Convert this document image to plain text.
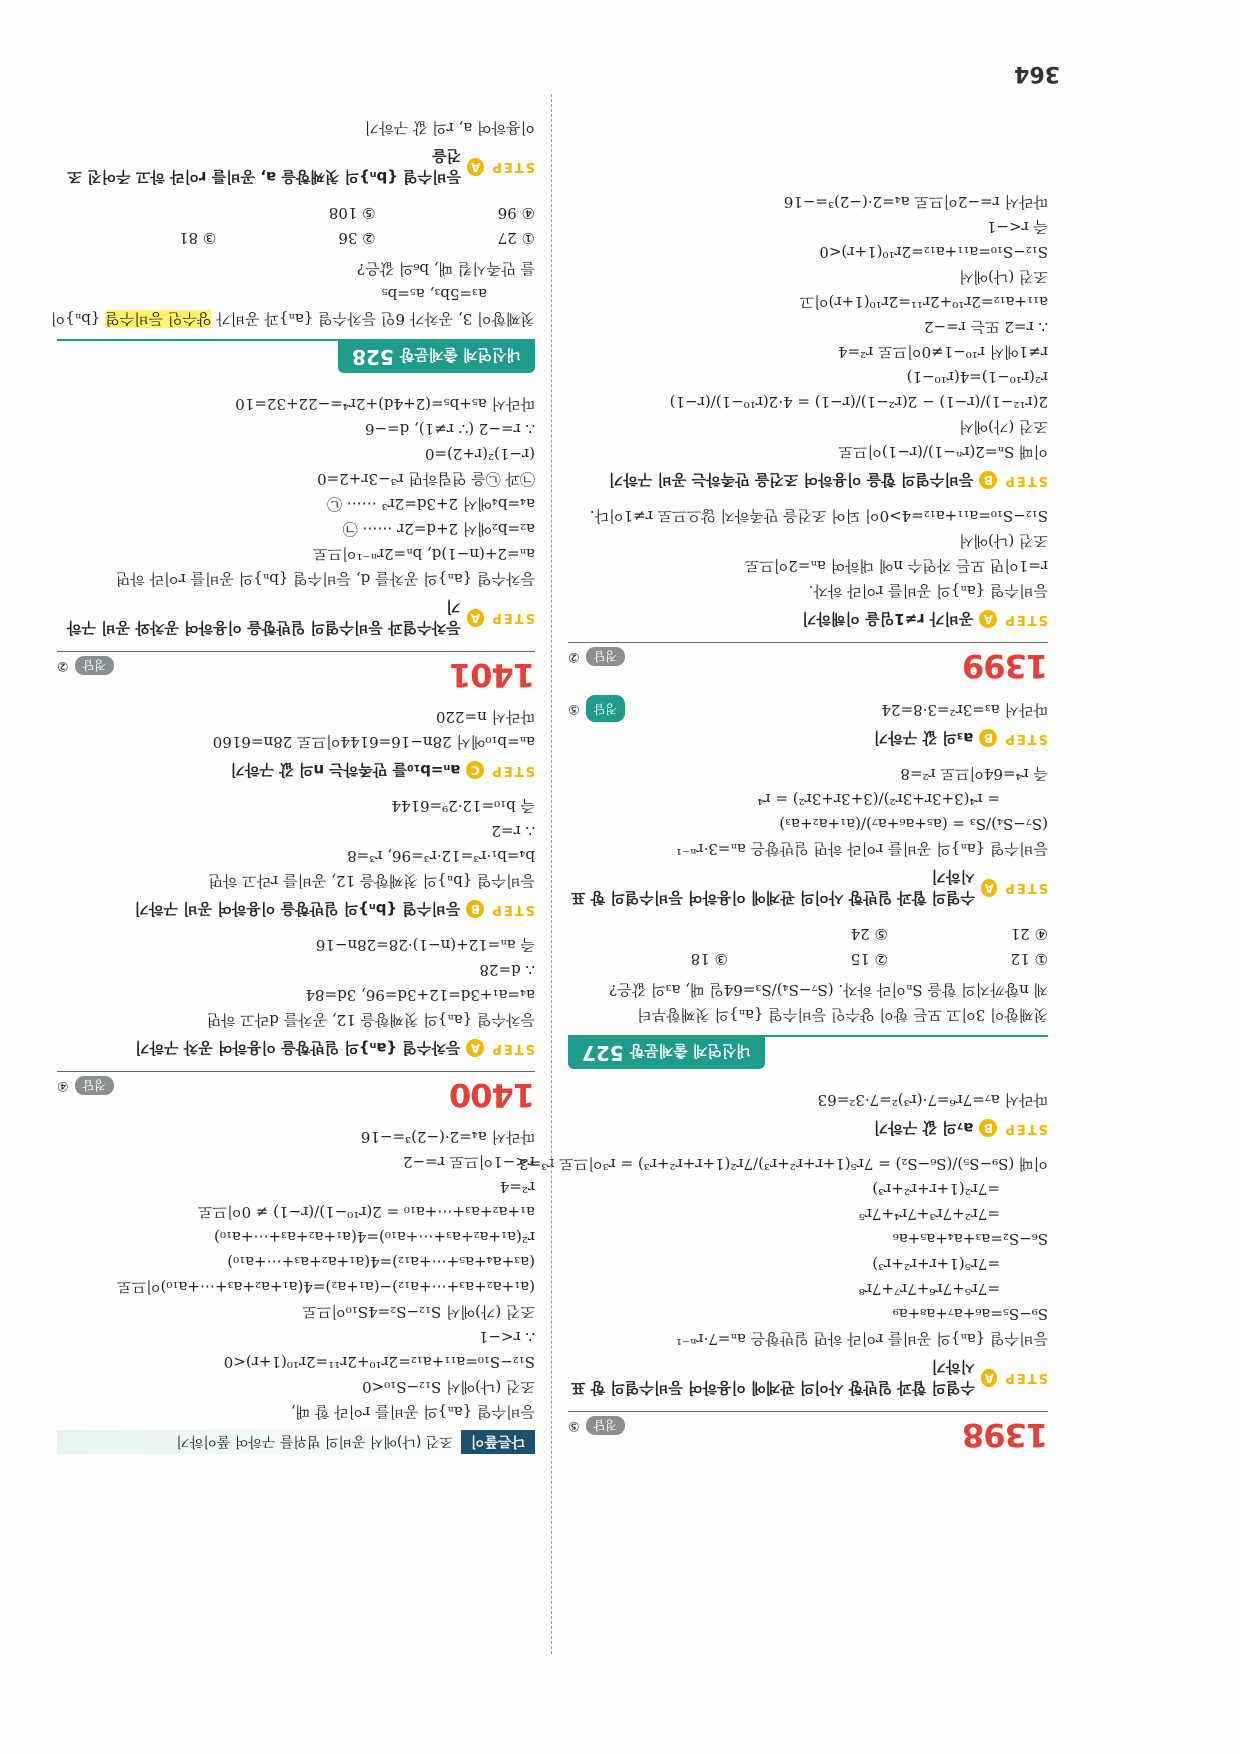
1398
정답
⑤
STEP
A
수열의 합과 일반항 사이의 관계에 이용하여 등비수열의 항 표시하기
등비수열 {aₙ}의 공비를 r이라 하면 일반항은 aₙ=7·rⁿ⁻¹
S₉−S₅=a₆+a₇+a₈+a₉
=7r⁵+7r⁶+7r⁷+7r⁸
=7r⁵(1+r+r²+r³)
S₆−S₂=a₃+a₄+a₅+a₆
=7r²+7r³+7r⁴+7r⁵
=7r²(1+r+r²+r³)
이때 (S₉−S₅)/(S₆−S₂) = 7r⁵(1+r+r²+r³)/7r²(1+r+r²+r³) = r³이므로 r³=3
STEP
B
a₇의 값 구하기
따라서 a₇=7r⁶=7·(r³)²=7·3²=63
내신연계 출제문항527
첫째항이 3이고 모든 항이 양수인 등비수열 {aₙ}의 첫째항부터
제 n항까지의 합을 Sₙ이라 하자. (S₇−S₄)/S₃=64일 때, a₃의 값은?
① 12
② 15
③ 18
④ 21
⑤ 24
STEP
A
수열의 합과 일반항 사이의 관계에 이용하여 등비수열의 항 표시하기
등비수열 {aₙ}의 공비를 r이라 하면 일반항은 aₙ=3·rⁿ⁻¹
(S₇−S₄)/S₃ = (a₅+a₆+a₇)/(a₁+a₂+a₃)
= r⁴(3+3r+3r²)/(3+3r+3r²) = r⁴
즉 r⁴=64이므로 r²=8
STEP
B
a₃의 값 구하기
따라서 a₃=3r²=3·8=24
정답
⑤
1399
정답
②
STEP
A
공비가 r≠1임을 이해하기
등비수열 {aₙ}의 공비를 r이라 하자.
r=1이면 모든 자연수 n에 대하여 aₙ=2이므로
조건 (나)에서
S₁₂−S₁₀=a₁₁+a₁₂=4>0이 되어 조건을 만족하지 않으므로 r≠1이다.
STEP
B
등비수열의 합을 이용하여 조건을 만족하는 공비 구하기
이때 Sₙ=2(rⁿ−1)/(r−1)이므로
조건 (가)에서
2(r¹²−1)/(r−1) − 2(r²−1)/(r−1) = 4·2(r¹⁰−1)/(r−1)
r²(r¹⁰−1)=4(r¹⁰−1)
r≠1에서 r¹⁰−1≠0이므로 r²=4
∴ r=2 또는 r=−2
a₁₁+a₁₂=2r¹⁰+2r¹¹=2r¹⁰(1+r)이고
조건 (나)에서
S₁₂−S₁₀=a₁₁+a₁₂=2r¹⁰(1+r)<0
즉 r<−1
따라서 r=−2이므로 a₄=2·(−2)³=−16
다른풀이
조건 (나)에서 공비의 범위를 구하여 풀이하기
등비수열 {aₙ}의 공비를 r이라 할 때,
조건 (나)에서 S₁₂−S₁₀<0
S₁₂−S₁₀=a₁₁+a₁₂=2r¹⁰+2r¹¹=2r¹⁰(1+r)<0
∴ r<−1
조건 (가)에서 S₁₂−S₂=4S₁₀이므로
(a₁+a₂+a₃+⋯+a₁₂)−(a₁+a₂)=4(a₁+a₂+a₃+⋯+a₁₀)이므로
(a₃+a₄+a₅+⋯+a₁₂)=4(a₁+a₂+a₃+⋯+a₁₀)
r²(a₁+a₂+a₃+⋯+a₁₀)=4(a₁+a₂+a₃+⋯+a₁₀)
a₁+a₂+a₃+⋯+a₁₀ = 2(r¹⁰−1)/(r−1) ≠ 0이므로
r²=4
r<−1이므로 r=−2
따라서 a₄=2·(−2)³=−16
1400
정답
④
STEP
A
등차수열 {aₙ}의 일반항을 이용하여 공차 구하기
등차수열 {aₙ}의 첫째항을 12, 공차를 d라고 하면
a₄=a₁+3d=12+3d=96, 3d=84
∴ d=28
즉 aₙ=12+(n−1)·28=28n−16
STEP
B
등비수열 {bₙ}의 일반항을 이용하여 공비 구하기
등비수열 {bₙ}의 첫째항을 12, 공비를 r라고 하면
b₄=b₁·r³=12·r³=96, r³=8
∴ r=2
즉 b₁₀=12·2⁹=6144
STEP
C
aₙ=b₁₀를 만족하는 n의 값 구하기
aₙ=b₁₀에서 28n−16=6144이므로 28n=6160
따라서 n=220
1401
정답
②
STEP
A
등차수열과 등비수열의 일반항을 이용하여 공차와 공비 구하기
등차수열 {aₙ}의 공차를 d, 등비수열 {bₙ}의 공비를 r이라 하면
aₙ=2+(n−1)d, bₙ=2rⁿ⁻¹이므로
a₂=b₂에서 2+d=2r ⋯⋯ ㉠
a₄=b₄에서 2+3d=2r³ ⋯⋯ ㉡
㉠과 ㉡을 연립하면 r³−3r+2=0
(r−1)²(r+2)=0
∴ r=−2 (∵ r≠1), d=−6
따라서 a₅+b₅=(2+4d)+2r⁴=−22+32=10
내신연계 출제문항528
첫째항이 3, 공차가 6인 등차수열 {aₙ}과 공비가 양수인 등비수열 {bₙ}이
a₃=5b₃, a₅=b₅
를 만족시킬 때, b₆의 값은?
① 27
② 36
③ 81
④ 96
⑤ 108
STEP
A
등비수열 {bₙ}의 첫째항을 a, 공비를 r이라 하고 주어진 조건을
이용하여 a, r의 값 구하기
364
